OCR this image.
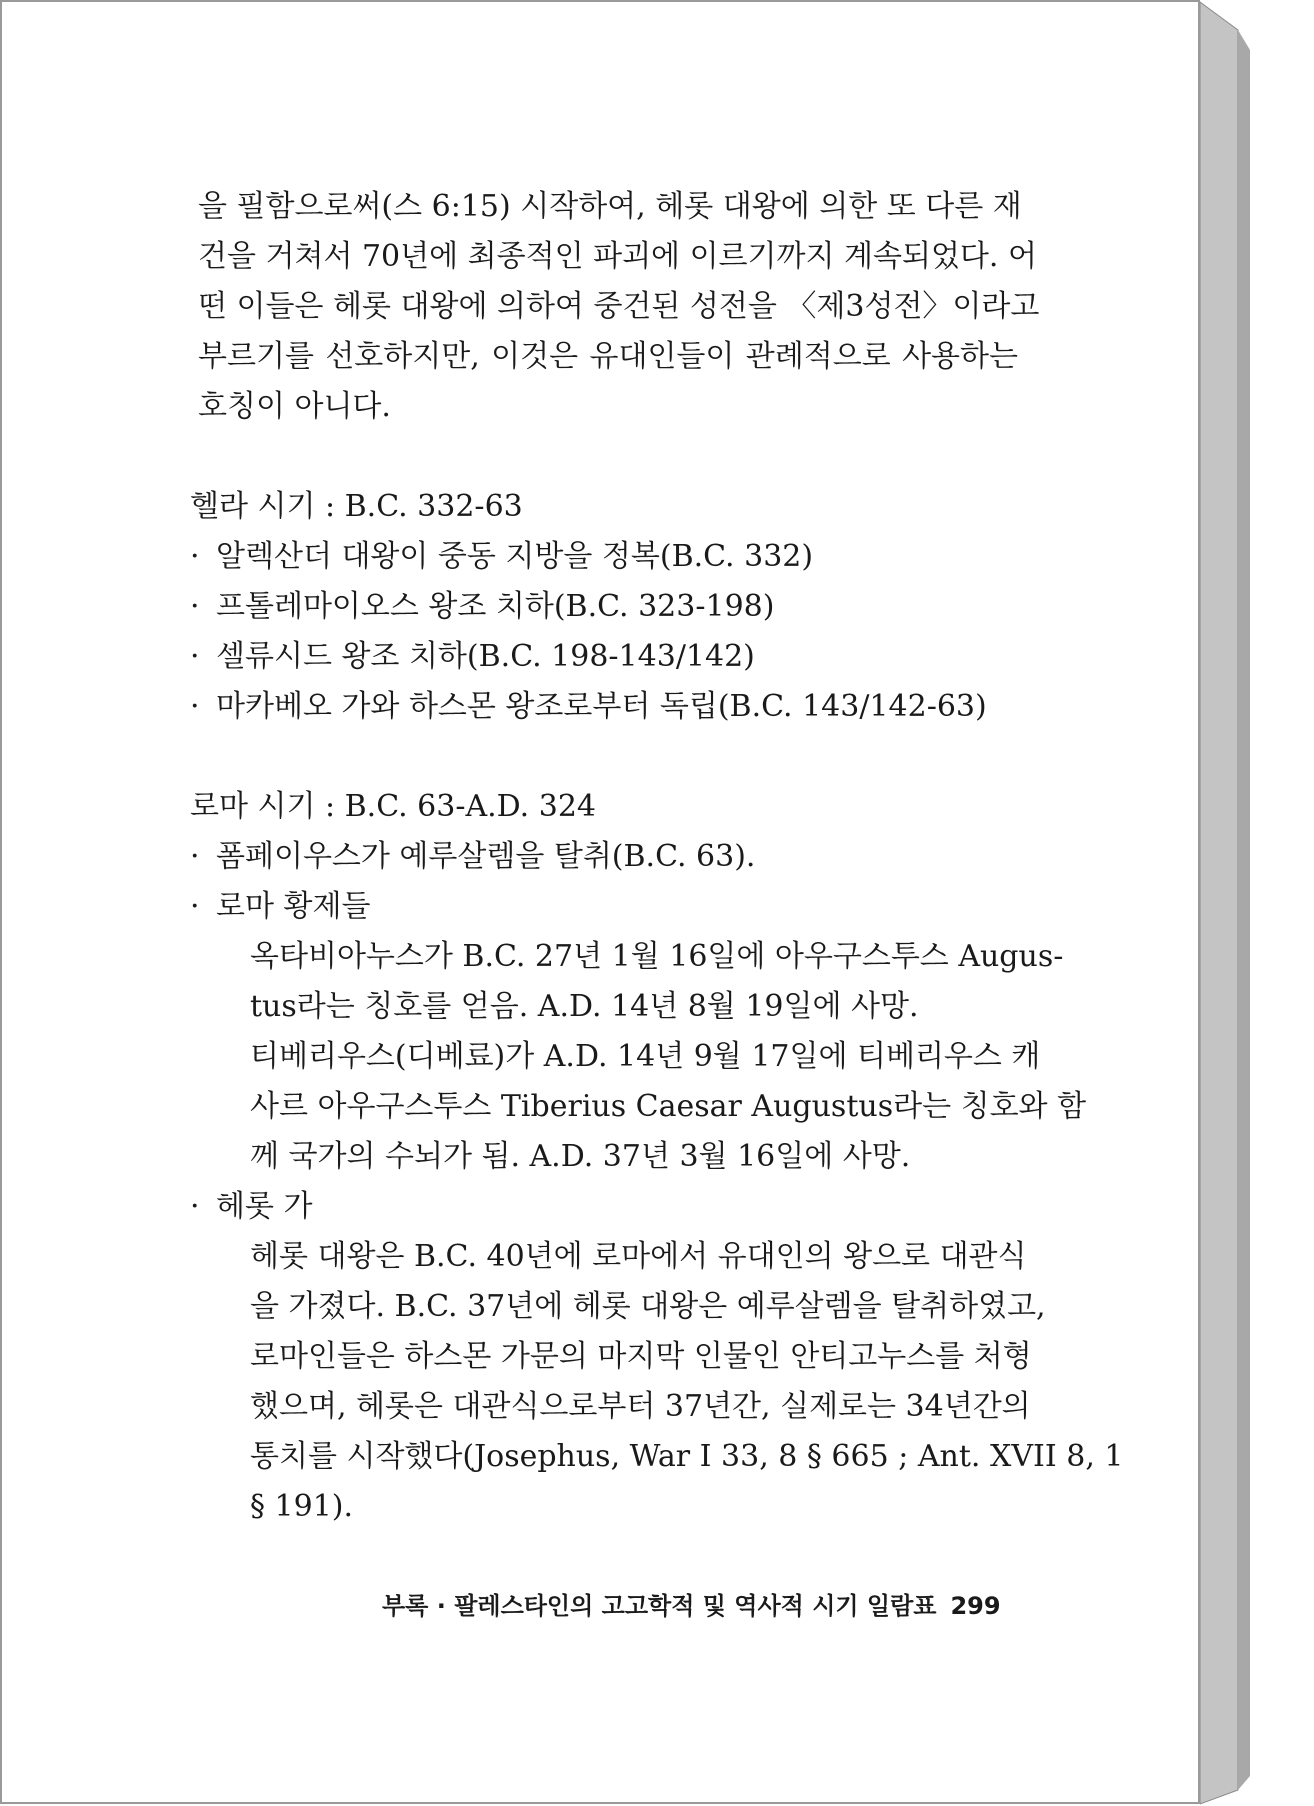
을 필함으로써(스 6:15) 시작하여, 헤롯 대왕에 의한 또 다른 재
건을 거쳐서 70년에 최종적인 파괴에 이르기까지 계속되었다. 어
떤 이들은 헤롯 대왕에 의하여 중건된 성전을 〈제3성전〉이라고
부르기를 선호하지만, 이것은 유대인들이 관례적으로 사용하는
호칭이 아니다.
헬라 시기 : B.C. 332-63
· 알렉산더 대왕이 중동 지방을 정복(B.C. 332)
· 프톨레마이오스 왕조 치하(B.C. 323-198)
· 셀류시드 왕조 치하(B.C. 198-143/142)
· 마카베오 가와 하스몬 왕조로부터 독립(B.C. 143/142-63)
로마 시기 : B.C. 63-A.D. 324
· 폼페이우스가 예루살렘을 탈취(B.C. 63).
· 로마 황제들
옥타비아누스가 B.C. 27년 1월 16일에 아우구스투스 Augus-
tus라는 칭호를 얻음. A.D. 14년 8월 19일에 사망.
티베리우스(디베료)가 A.D. 14년 9월 17일에 티베리우스 캐
사르 아우구스투스 Tiberius Caesar Augustus라는 칭호와 함
께 국가의 수뇌가 됨. A.D. 37년 3월 16일에 사망.
· 헤롯 가
헤롯 대왕은 B.C. 40년에 로마에서 유대인의 왕으로 대관식
을 가졌다. B.C. 37년에 헤롯 대왕은 예루살렘을 탈취하였고,
로마인들은 하스몬 가문의 마지막 인물인 안티고누스를 처형
했으며, 헤롯은 대관식으로부터 37년간, 실제로는 34년간의
통치를 시작했다(Josephus, War Ⅰ 33, 8 § 665 ; Ant. XVII 8, 1
§ 191).
부록 · 팔레스타인의 고고학적 및 역사적 시기 일람표 299
